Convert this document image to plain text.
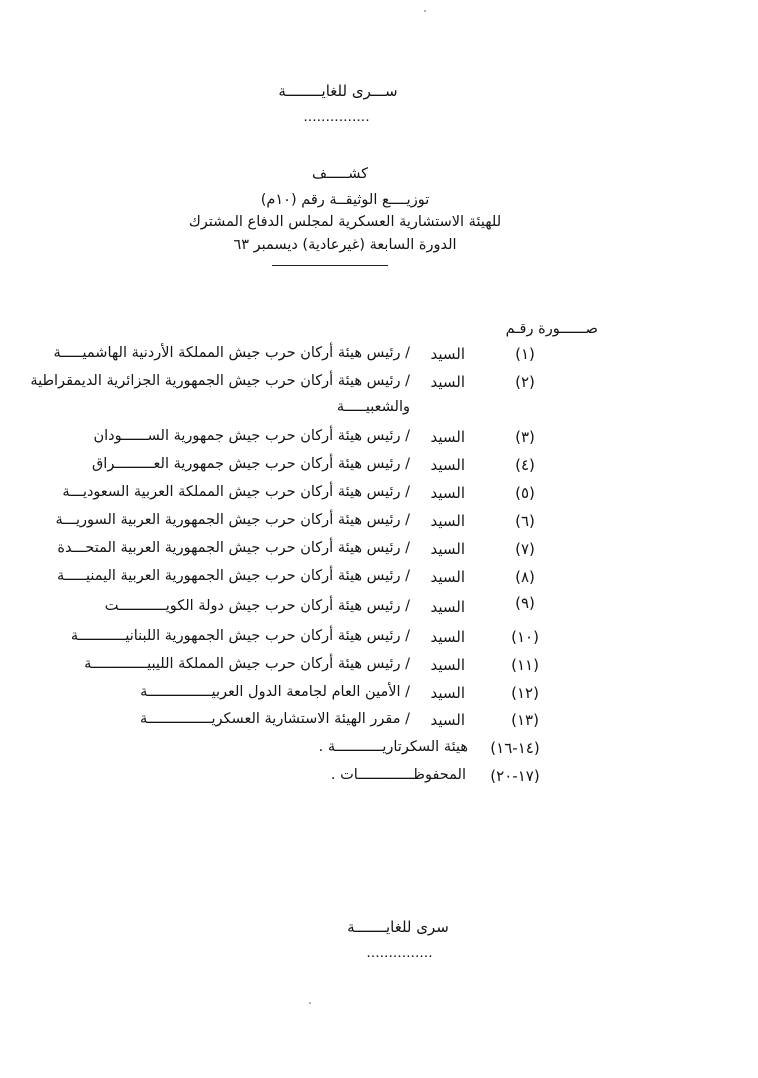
ســـرى للغايــــــــة
...............
كشـــــف
توزيــــع الوثيقــة رقم (١٠م)
للهيئة الاستشارية العسكرية لمجلس الدفاع المشترك
الدورة السابعة (غيرعادية) ديسمبر ٦٣
صــــــورة رقـم
(١)
السيد
/ رئيس هيئة أركان حرب جيش المملكة الأردنية الهاشميـــــة
(٢)
السيد
/ رئيس هيئة أركان حرب جيش الجمهورية الجزائرية الديمقراطية
والشعبيـــــة
(٣)
السيد
/ رئيس هيئة أركان حرب جيش جمهورية الســــــودان
(٤)
السيد
/ رئيس هيئة أركان حرب جيش جمهورية العـــــــــراق
(٥)
السيد
/ رئيس هيئة أركان حرب جيش المملكة العربية السعوديـــة
(٦)
السيد
/ رئيس هيئة أركان حرب جيش الجمهورية العربية السوريـــة
(٧)
السيد
/ رئيس هيئة أركان حرب جيش الجمهورية العربية المتحـــدة
(٨)
السيد
/ رئيس هيئة أركان حرب جيش الجمهورية العربية اليمنيـــــة
(٩)
السيد
/ رئيس هيئة أركان حرب جيش دولة الكويـــــــــــت
(١٠)
السيد
/ رئيس هيئة أركان حرب جيش الجمهورية اللبنانيـــــــــــة
(١١)
السيد
/ رئيس هيئة أركان حرب جيش المملكة الليبيـــــــــــــة
(١٢)
السيد
/ الأمين العام لجامعة الدول العربيـــــــــــــــة
(١٣)
السيد
/ مقرر الهيئة الاستشارية العسكريـــــــــــــــة
(١٤-١٦)
هيئة السكرتاريـــــــــــة .
(١٧-٢٠)
المحفوظـــــــــــــات .
سرى للغايـــــــة
...............
